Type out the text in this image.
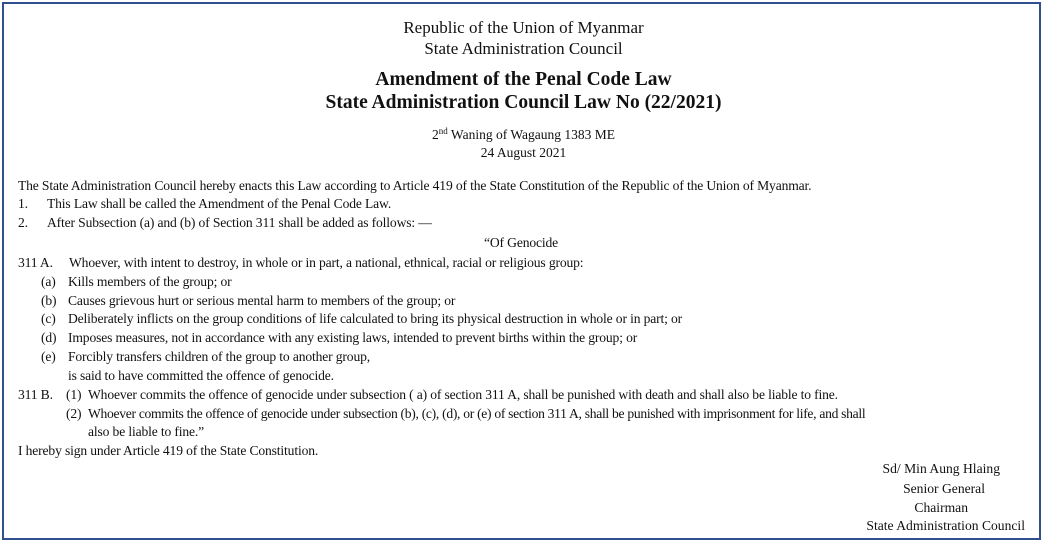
Republic of the Union of Myanmar
State Administration Council
Amendment of the Penal Code Law
State Administration Council Law No (22/2021)
2nd Waning of Wagaung 1383 ME
24 August 2021
The State Administration Council hereby enacts this Law according to Article 419 of the State Constitution of the Republic of the Union of Myanmar.
1. This Law shall be called the Amendment of the Penal Code Law.
2. After Subsection (a) and (b) of Section 311 shall be added as follows: —
“Of Genocide
311 A. Whoever, with intent to destroy, in whole or in part, a national, ethnical, racial or religious group:
(a) Kills members of the group; or
(b) Causes grievous hurt or serious mental harm to members of the group; or
(c) Deliberately inflicts on the group conditions of life calculated to bring its physical destruction in whole or in part; or
(d) Imposes measures, not in accordance with any existing laws, intended to prevent births within the group; or
(e) Forcibly transfers children of the group to another group,
is said to have committed the offence of genocide.
311 B. (1) Whoever commits the offence of genocide under subsection ( a) of section 311 A, shall be punished with death and shall also be liable to fine.
(2) Whoever commits the offence of genocide under subsection (b), (c), (d), or (e) of section 311 A, shall be punished with imprisonment for life, and shall
also be liable to fine.”
I hereby sign under Article 419 of the State Constitution.
Sd/ Min Aung Hlaing
Senior General
Chairman
State Administration Council
